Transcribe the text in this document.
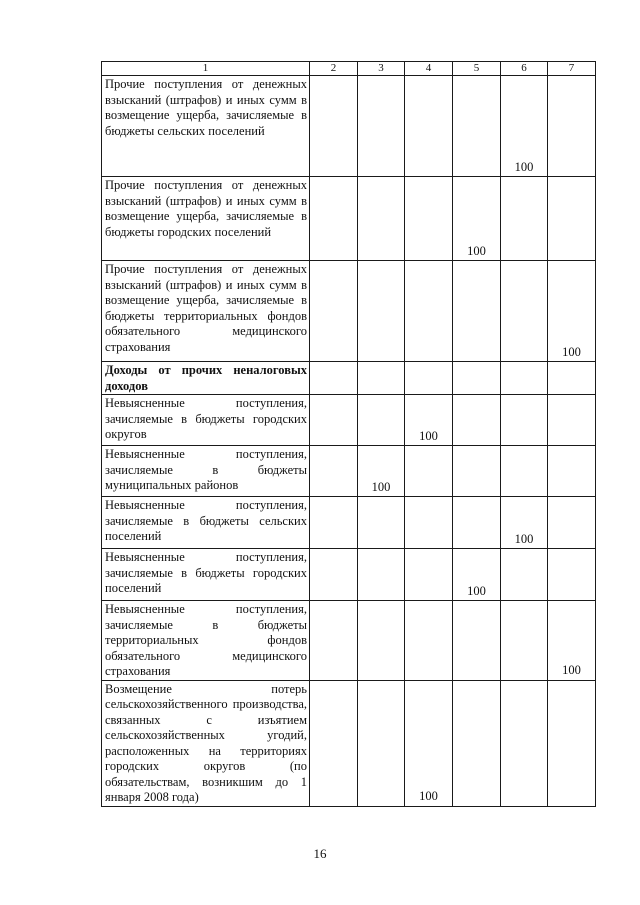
1	2	3	4	5	6	7
Прочие поступления от денежных взысканий (штрафов) и иных сумм в возмещение ущерба, зачисляемые в бюджеты сельских поселений					100	
Прочие поступления от денежных взысканий (штрафов) и иных сумм в возмещение ущерба, зачисляемые в бюджеты городских поселений				100		
Прочие поступления от денежных взысканий (штрафов) и иных сумм в возмещение ущерба, зачисляемые в бюджеты территориальных фондов обязательного медицинского страхования						100
Доходы от прочих неналоговых доходов						
Невыясненные поступления, зачисляемые в бюджеты городских округов			100			
Невыясненные поступления, зачисляемые в бюджеты муниципальных районов		100				
Невыясненные поступления, зачисляемые в бюджеты сельских поселений					100	
Невыясненные поступления, зачисляемые в бюджеты городских поселений				100		
Невыясненные поступления, зачисляемые в бюджеты территориальных фондов обязательного медицинского страхования						100
Возмещение потерь сельскохозяйственного производства, связанных с изъятием сельскохозяйственных угодий, расположенных на территориях городских округов (по обязательствам, возникшим до 1 января 2008 года)			100			
16
